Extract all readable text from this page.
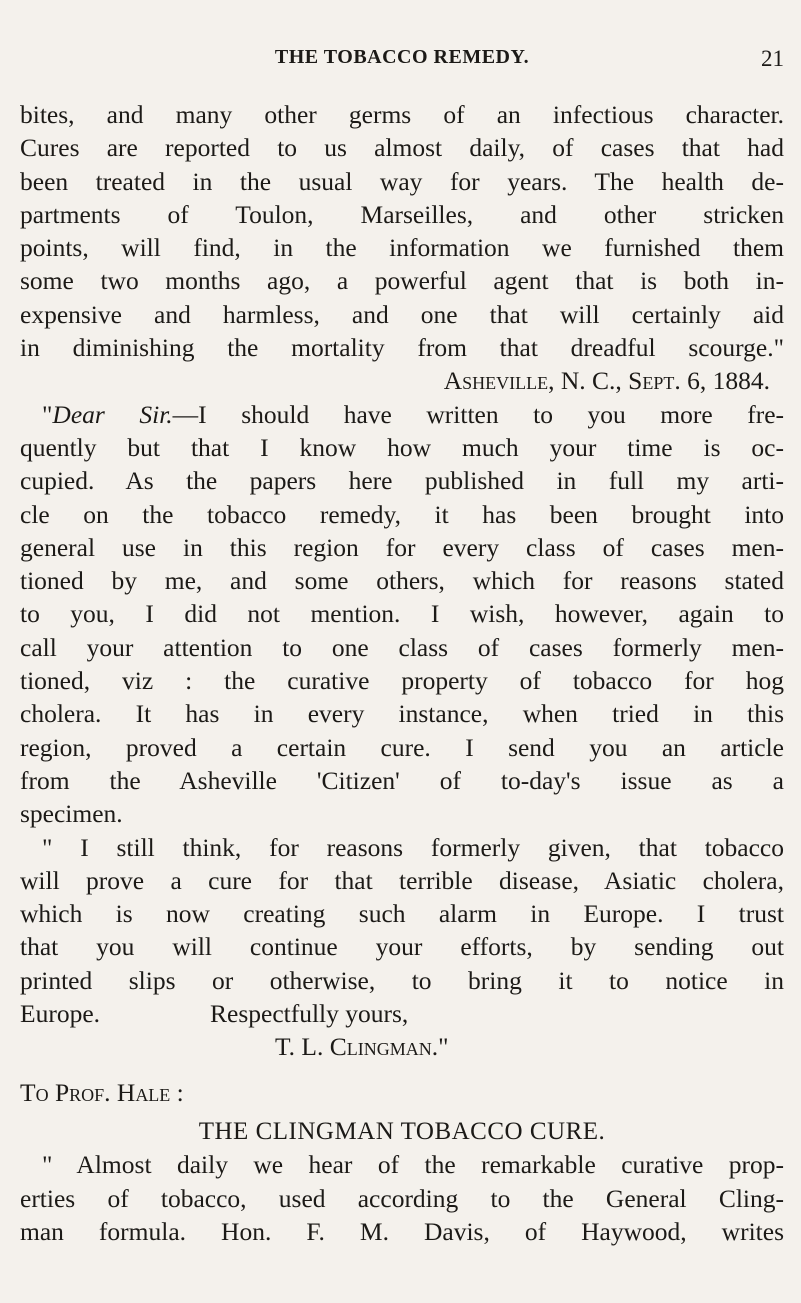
THE TOBACCO REMEDY.	21
bites, and many other germs of an infectious character.
Cures are reported to us almost daily, of cases that had
been treated in the usual way for years. The health de-
partments of Toulon, Marseilles, and other stricken
points, will find, in the information we furnished them
some two months ago, a powerful agent that is both in-
expensive and harmless, and one that will certainly aid
in diminishing the mortality from that dreadful scourge."
Asheville, N. C., Sept. 6, 1884.
"Dear Sir.—I should have written to you more fre-
quently but that I know how much your time is oc-
cupied. As the papers here published in full my arti-
cle on the tobacco remedy, it has been brought into
general use in this region for every class of cases men-
tioned by me, and some others, which for reasons stated
to you, I did not mention. I wish, however, again to
call your attention to one class of cases formerly men-
tioned, viz : the curative property of tobacco for hog
cholera. It has in every instance, when tried in this
region, proved a certain cure. I send you an article
from the Asheville 'Citizen' of to-day's issue as a
specimen.
" I still think, for reasons formerly given, that tobacco
will prove a cure for that terrible disease, Asiatic cholera,
which is now creating such alarm in Europe. I trust
that you will continue your efforts, by sending out
printed slips or otherwise, to bring it to notice in
Europe.	Respectfully yours,
T. L. Clingman."
To Prof. Hale :
THE CLINGMAN TOBACCO CURE.
" Almost daily we hear of the remarkable curative prop-
erties of tobacco, used according to the General Cling-
man formula. Hon. F. M. Davis, of Haywood, writes
